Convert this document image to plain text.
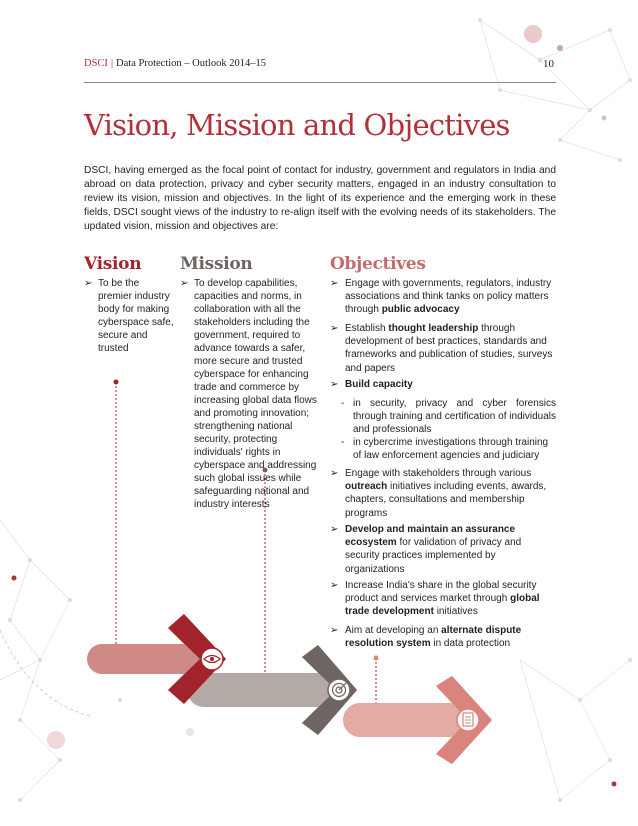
DSCI | Data Protection – Outlook 2014–15	10
Vision, Mission and Objectives
DSCI, having emerged as the focal point of contact for industry, government and regulators in India and abroad on data protection, privacy and cyber security matters, engaged in an industry consultation to review its vision, mission and objectives. In the light of its experience and the emerging work in these fields, DSCI sought views of the industry to re-align itself with the evolving needs of its stakeholders. The updated vision, mission and objectives are:
Vision Mission	Objectives
➢ To be the premier industry body for making cyberspace safe, secure and trusted
➢ To develop capabilities, capacities and norms, in collaboration with all the stakeholders including the government, required to advance towards a safer, more secure and trusted cyberspace for enhancing trade and commerce by increasing global data flows and promoting innovation; strengthening national security, protecting individuals' rights in cyberspace and addressing such global issues while safeguarding national and industry interests
➢ Engage with governments, regulators, industry associations and think tanks on policy matters through public advocacy
➢ Establish thought leadership through development of best practices, standards and frameworks and publication of studies, surveys and papers
➢ Build capacity
- in security, privacy and cyber forensics through training and certification of individuals and professionals
- in cybercrime investigations through training of law enforcement agencies and judiciary
➢ Engage with stakeholders through various outreach initiatives including events, awards, chapters, consultations and membership programs
➢ Develop and maintain an assurance ecosystem for validation of privacy and security practices implemented by organizations
➢ Increase India's share in the global security product and services market through global trade development initiatives
➢ Aim at developing an alternate dispute resolution system in data protection
